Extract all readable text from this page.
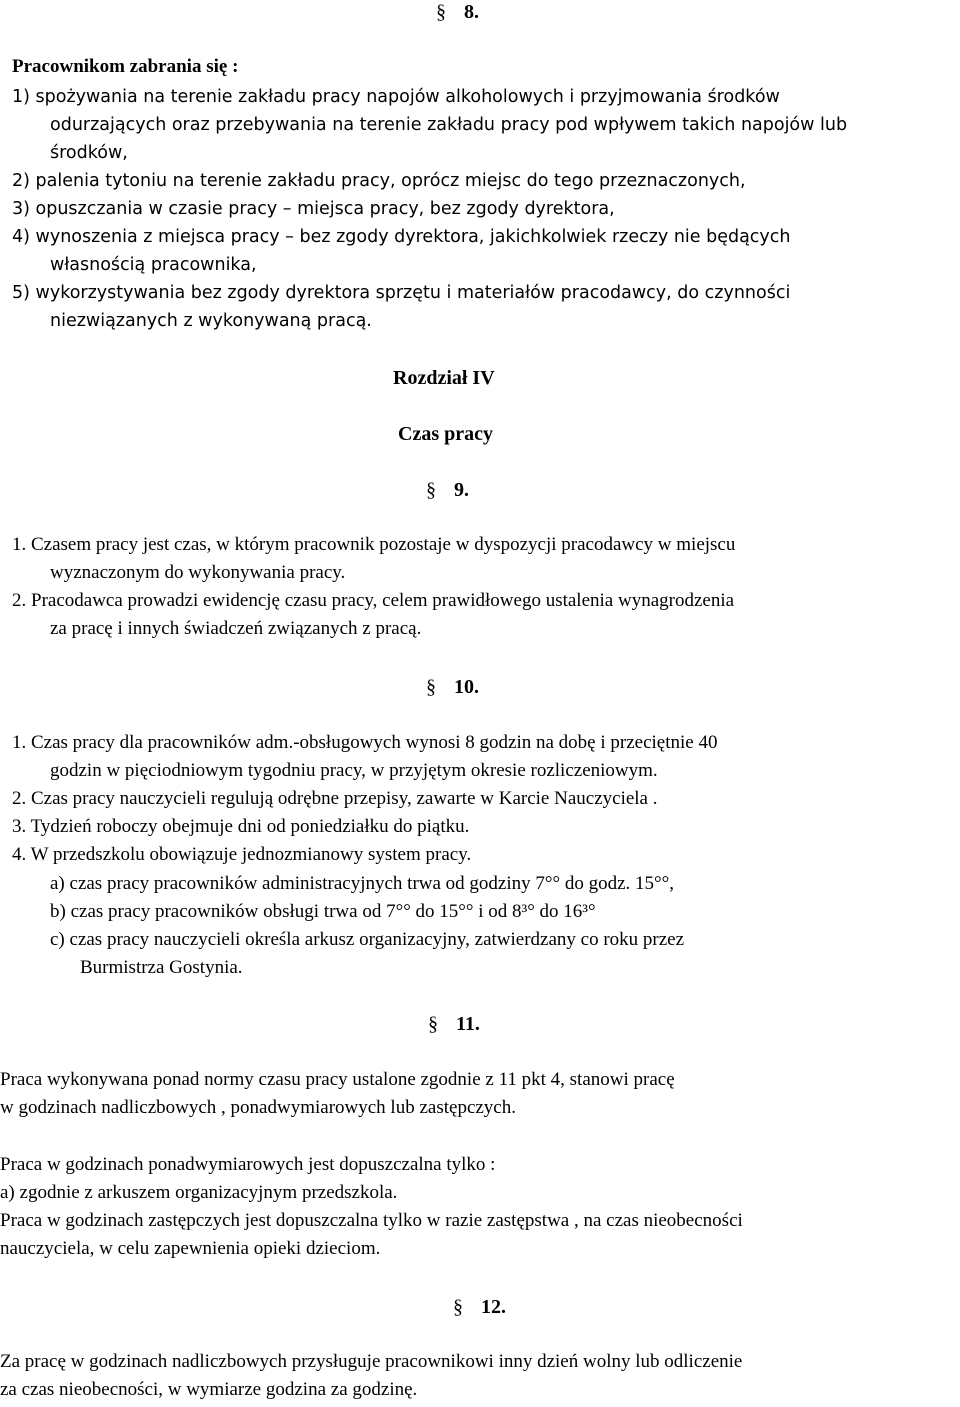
§ 8.
Pracownikom zabrania się :
1) spożywania na terenie zakładu pracy napojów alkoholowych i przyjmowania środków
odurzających oraz przebywania na terenie zakładu pracy pod wpływem takich napojów lub
środków,
2) palenia tytoniu na terenie zakładu pracy, oprócz miejsc do tego przeznaczonych,
3) opuszczania w czasie pracy – miejsca pracy, bez zgody dyrektora,
4) wynoszenia z miejsca pracy – bez zgody dyrektora, jakichkolwiek rzeczy nie będących
własnością pracownika,
5) wykorzystywania bez zgody dyrektora sprzętu i materiałów pracodawcy, do czynności
niezwiązanych z wykonywaną pracą.
Rozdział IV
Czas pracy
§ 9.
1. Czasem pracy jest czas, w którym pracownik pozostaje w dyspozycji pracodawcy w miejscu
wyznaczonym do wykonywania pracy.
2. Pracodawca prowadzi ewidencję czasu pracy, celem prawidłowego ustalenia wynagrodzenia
za pracę i innych świadczeń związanych z pracą.
§ 10.
1. Czas pracy dla pracowników adm.-obsługowych wynosi 8 godzin na dobę i przeciętnie 40
godzin w pięciodniowym tygodniu pracy, w przyjętym okresie rozliczeniowym.
2. Czas pracy nauczycieli regulują odrębne przepisy, zawarte w Karcie Nauczyciela .
3. Tydzień roboczy obejmuje dni od poniedziałku do piątku.
4. W przedszkolu obowiązuje jednozmianowy system pracy.
a) czas pracy pracowników administracyjnych trwa od godziny 7°° do godz. 15°°,
b) czas pracy pracowników obsługi trwa od 7°° do 15°° i od 8³° do 16³°
c) czas pracy nauczycieli określa arkusz organizacyjny, zatwierdzany co roku przez
Burmistrza Gostynia.
§ 11.
Praca wykonywana ponad normy czasu pracy ustalone zgodnie z 11 pkt 4, stanowi pracę
w godzinach nadliczbowych , ponadwymiarowych lub zastępczych.
Praca w godzinach ponadwymiarowych jest dopuszczalna tylko :
a) zgodnie z arkuszem organizacyjnym przedszkola.
Praca w godzinach zastępczych jest dopuszczalna tylko w razie zastępstwa , na czas nieobecności
nauczyciela, w celu zapewnienia opieki dzieciom.
§ 12.
Za pracę w godzinach nadliczbowych przysługuje pracownikowi inny dzień wolny lub odliczenie
za czas nieobecności, w wymiarze godzina za godzinę.
